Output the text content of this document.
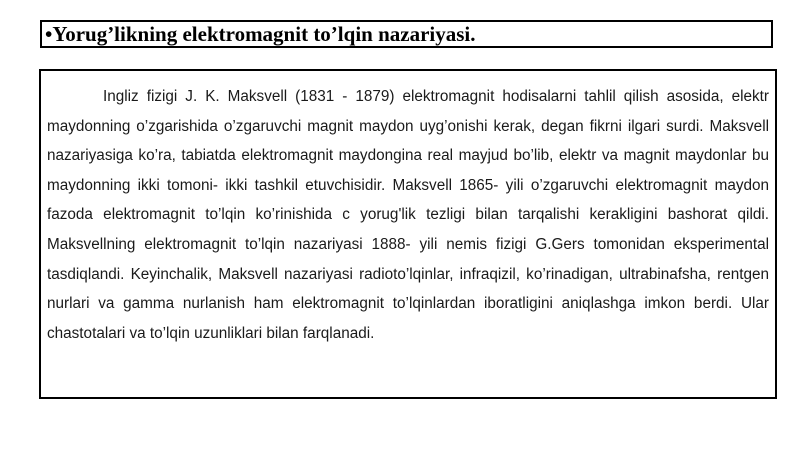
•Yorug’likning elektromagnit to’lqin nazariyasi.

Ingliz fizigi J. K. Maksvell (1831 - 1879) elektromagnit hodisalarni tahlil qilish asosida, elektr maydonning o’zgarishida o’zgaruvchi magnit maydon uyg’onishi kerak, degan fikrni ilgari surdi. Maksvell nazariyasiga ko’ra, tabiatda elektromagnit maydongina real mayjud bo’lib, elektr va magnit maydonlar bu maydonning ikki tomoni- ikki tashkil etuvchisidir. Maksvell 1865- yili o’zgaruvchi elektromagnit maydon fazoda elektromagnit to’lqin ko’rinishida c yorug'lik tezligi bilan tarqalishi kerakligini bashorat qildi. Maksvellning elektromagnit to’lqin nazariyasi 1888- yili nemis fizigi G.Gers tomonidan eksperimental tasdiqlandi. Keyinchalik, Maksvell nazariyasi radioto’lqinlar, infraqizil, ko’rinadigan, ultrabinafsha, rentgen nurlari va gamma nurlanish ham elektromagnit to’lqinlardan iboratligini aniqlashga imkon berdi. Ular chastotalari va to’lqin uzunliklari bilan farqlanadi.
